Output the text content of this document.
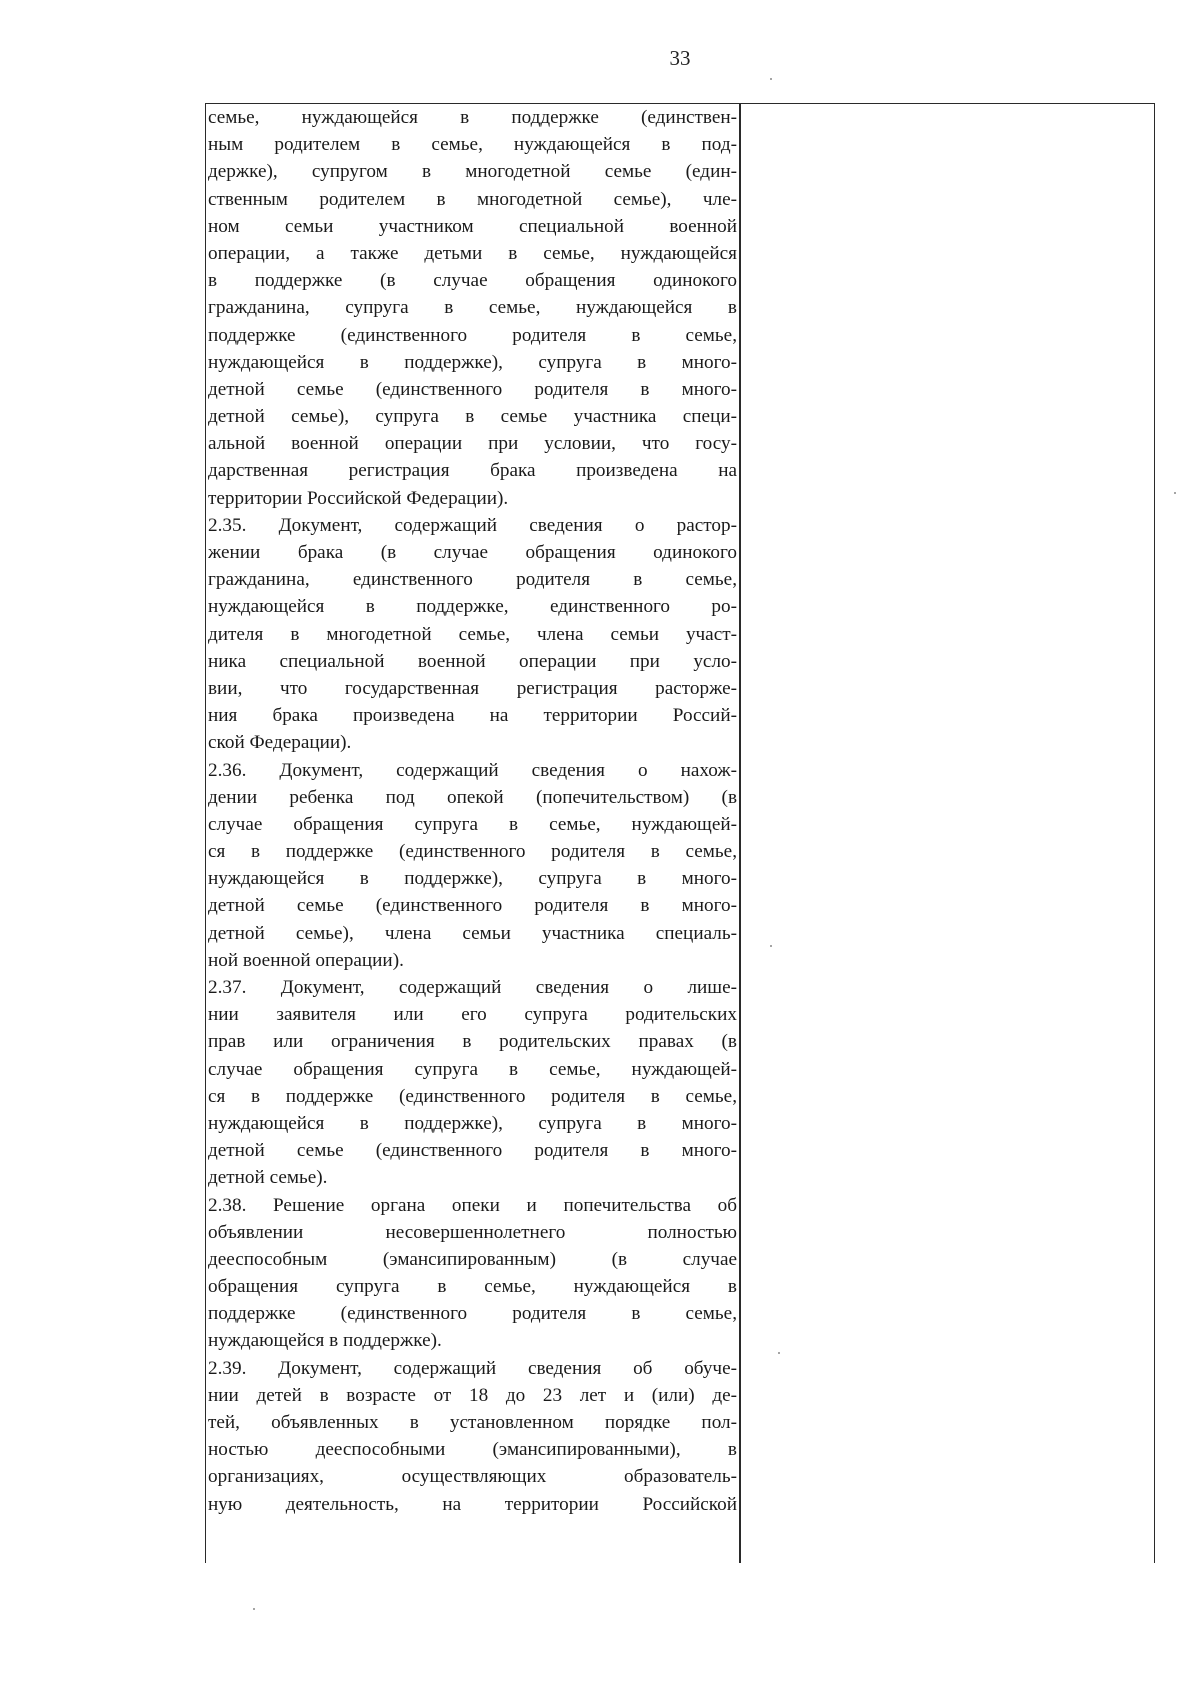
33
семье, нуждающейся в поддержке (единствен-
ным родителем в семье, нуждающейся в под-
держке), супругом в многодетной семье (един-
ственным родителем в многодетной семье), чле-
ном семьи участником специальной военной
операции, а также детьми в семье, нуждающейся
в поддержке (в случае обращения одинокого
гражданина, супруга в семье, нуждающейся в
поддержке (единственного родителя в семье,
нуждающейся в поддержке), супруга в много-
детной семье (единственного родителя в много-
детной семье), супруга в семье участника специ-
альной военной операции при условии, что госу-
дарственная регистрация брака произведена на
территории Российской Федерации).
2.35. Документ, содержащий сведения о растор-
жении брака (в случае обращения одинокого
гражданина, единственного родителя в семье,
нуждающейся в поддержке, единственного ро-
дителя в многодетной семье, члена семьи участ-
ника специальной военной операции при усло-
вии, что государственная регистрация расторже-
ния брака произведена на территории Россий-
ской Федерации).
2.36. Документ, содержащий сведения о нахож-
дении ребенка под опекой (попечительством) (в
случае обращения супруга в семье, нуждающей-
ся в поддержке (единственного родителя в семье,
нуждающейся в поддержке), супруга в много-
детной семье (единственного родителя в много-
детной семье), члена семьи участника специаль-
ной военной операции).
2.37. Документ, содержащий сведения о лише-
нии заявителя или его супруга родительских
прав или ограничения в родительских правах (в
случае обращения супруга в семье, нуждающей-
ся в поддержке (единственного родителя в семье,
нуждающейся в поддержке), супруга в много-
детной семье (единственного родителя в много-
детной семье).
2.38. Решение органа опеки и попечительства об
объявлении несовершеннолетнего полностью
дееспособным (эмансипированным) (в случае
обращения супруга в семье, нуждающейся в
поддержке (единственного родителя в семье,
нуждающейся в поддержке).
2.39. Документ, содержащий сведения об обуче-
нии детей в возрасте от 18 до 23 лет и (или) де-
тей, объявленных в установленном порядке пол-
ностью дееспособными (эмансипированными), в
организациях, осуществляющих образователь-
ную деятельность, на территории Российской
